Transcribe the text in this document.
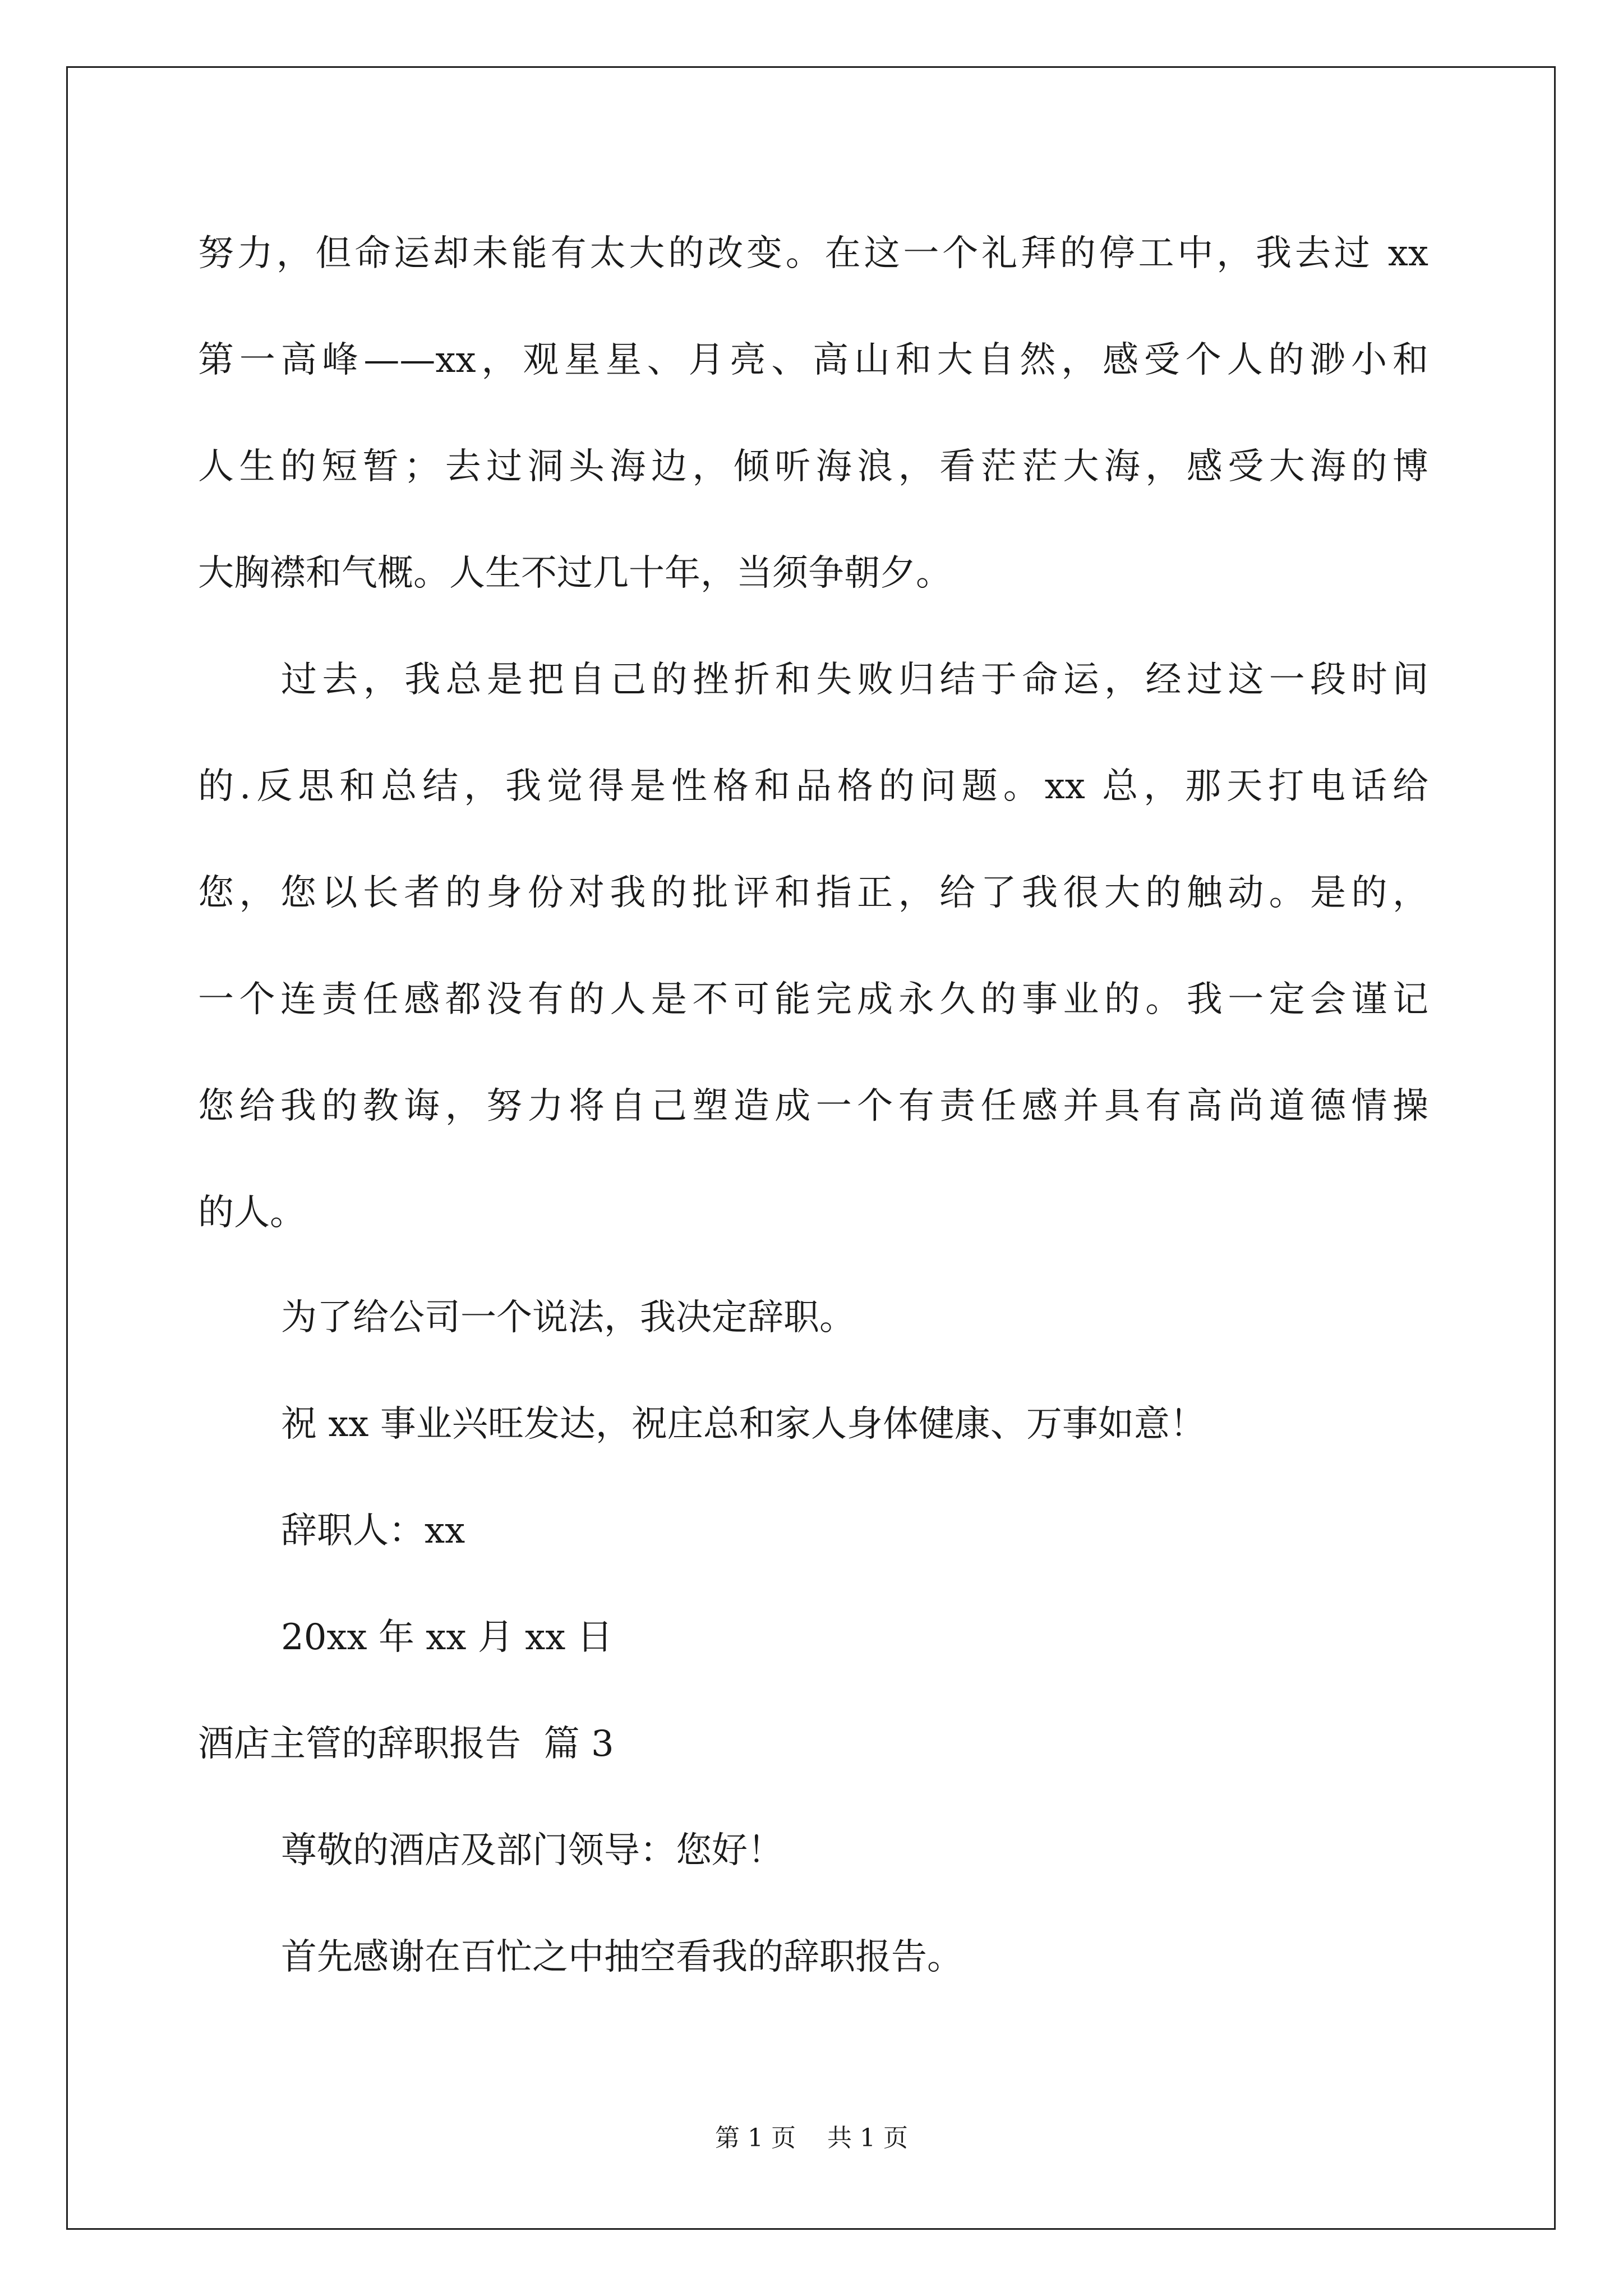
努力，但命运却未能有太大的改变。在这一个礼拜的停工中，我去过 xx
第一高峰——xx，观星星、月亮、高山和大自然，感受个人的渺小和
人生的短暂；去过洞头海边，倾听海浪，看茫茫大海，感受大海的博
大胸襟和气概。人生不过几十年，当须争朝夕。
过去，我总是把自己的挫折和失败归结于命运，经过这一段时间
的.反思和总结，我觉得是性格和品格的问题。xx 总，那天打电话给
您，您以长者的身份对我的批评和指正，给了我很大的触动。是的，
一个连责任感都没有的人是不可能完成永久的事业的。我一定会谨记
您给我的教诲，努力将自己塑造成一个有责任感并具有高尚道德情操
的人。
为了给公司一个说法，我决定辞职。
祝 xx 事业兴旺发达，祝庄总和家人身体健康、万事如意！
辞职人：xx
20xx 年 xx 月 xx 日
酒店主管的辞职报告  篇 3
尊敬的酒店及部门领导：您好！
首先感谢在百忙之中抽空看我的辞职报告。
第 1 页 共 1 页
